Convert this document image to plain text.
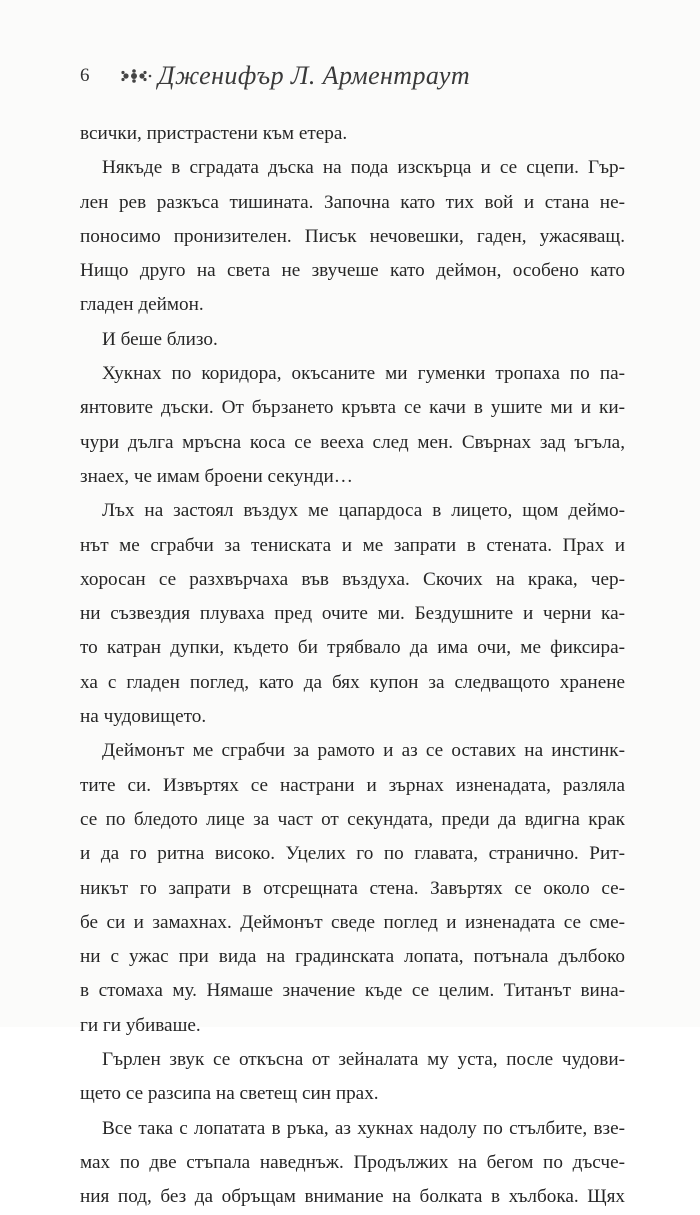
6	Дженифър Л. Арментраут
всички, пристрастени към етера.
Някъде в сградата дъска на пода изскърца и се сцепи. Гър-
лен рев разкъса тишината. Започна като тих вой и стана не-
поносимо пронизителен. Писък нечовешки, гаден, ужасяващ.
Нищо друго на света не звучеше като деймон, особено като
гладен деймон.
И беше близо.
Хукнах по коридора, окъсаните ми гуменки тропаха по па-
янтовите дъски. От бързането кръвта се качи в ушите ми и ки-
чури дълга мръсна коса се вееха след мен. Свърнах зад ъгъла,
знаех, че имам броени секунди…
Лъх на застоял въздух ме цапардоса в лицето, щом деймо-
нът ме сграбчи за тениската и ме запрати в стената. Прах и
хоросан се разхвърчаха във въздуха. Скочих на крака, чер-
ни съзвездия плуваха пред очите ми. Бездушните и черни ка-
то катран дупки, където би трябвало да има очи, ме фиксира-
ха с гладен поглед, като да бях купон за следващото хранене
на чудовището.
Деймонът ме сграбчи за рамото и аз се оставих на инстинк-
тите си. Извъртях се настрани и зърнах изненадата, разляла
се по бледото лице за част от секундата, преди да вдигна крак
и да го ритна високо. Уцелих го по главата, странично. Рит-
никът го запрати в отсрещната стена. Завъртях се около се-
бе си и замахнах. Деймонът сведе поглед и изненадата се сме-
ни с ужас при вида на градинската лопата, потънала дълбоко
в стомаха му. Нямаше значение къде се целим. Титанът вина-
ги ги убиваше.
Гърлен звук се откъсна от зейналата му уста, после чудови-
щето се разсипа на светещ син прах.
Все така с лопатата в ръка, аз хукнах надолу по стълбите, взе-
мах по две стъпала наведнъж. Продължих на бегом по дъсче-
ния под, без да обръщам внимание на болката в хълбока. Щях
